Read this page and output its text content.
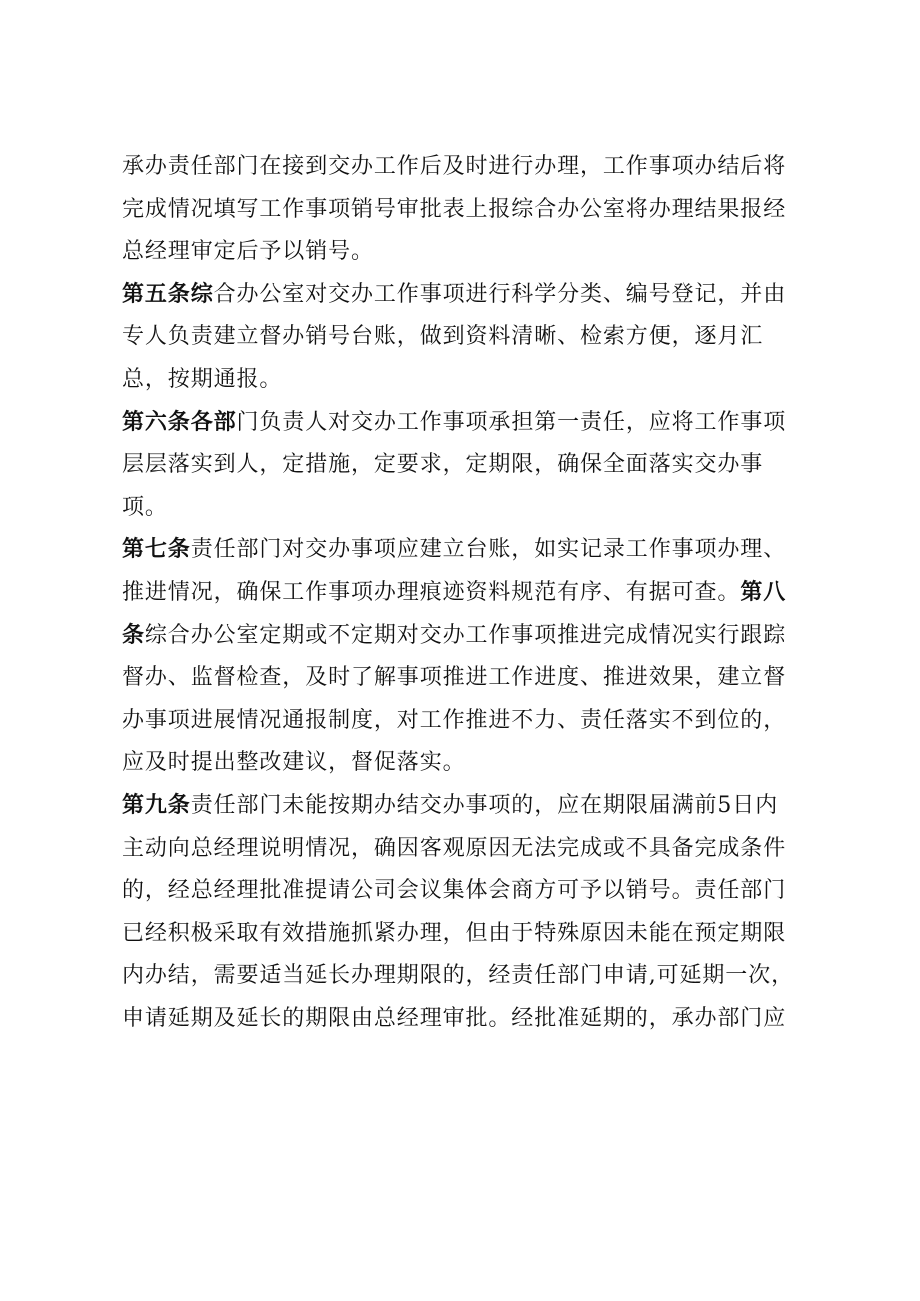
承办责任部门在接到交办工作后及时进行办理，工作事项办结后将
完成情况填写工作事项销号审批表上报综合办公室将办理结果报经
总经理审定后予以销号。
第五条综合办公室对交办工作事项进行科学分类、编号登记，并由
专人负责建立督办销号台账，做到资料清晰、检索方便，逐月汇
总，按期通报。
第六条各部门负责人对交办工作事项承担第一责任，应将工作事项
层层落实到人，定措施，定要求，定期限，确保全面落实交办事
项。
第七条责任部门对交办事项应建立台账，如实记录工作事项办理、
推进情况，确保工作事项办理痕迹资料规范有序、有据可查。第八
条综合办公室定期或不定期对交办工作事项推进完成情况实行跟踪
督办、监督检查，及时了解事项推进工作进度、推进效果，建立督
办事项进展情况通报制度，对工作推进不力、责任落实不到位的，
应及时提出整改建议，督促落实。
第九条责任部门未能按期办结交办事项的，应在期限届满前5日内
主动向总经理说明情况，确因客观原因无法完成或不具备完成条件
的，经总经理批准提请公司会议集体会商方可予以销号。责任部门
已经积极采取有效措施抓紧办理，但由于特殊原因未能在预定期限
内办结，需要适当延长办理期限的，经责任部门申请,可延期一次，
申请延期及延长的期限由总经理审批。经批准延期的，承办部门应
